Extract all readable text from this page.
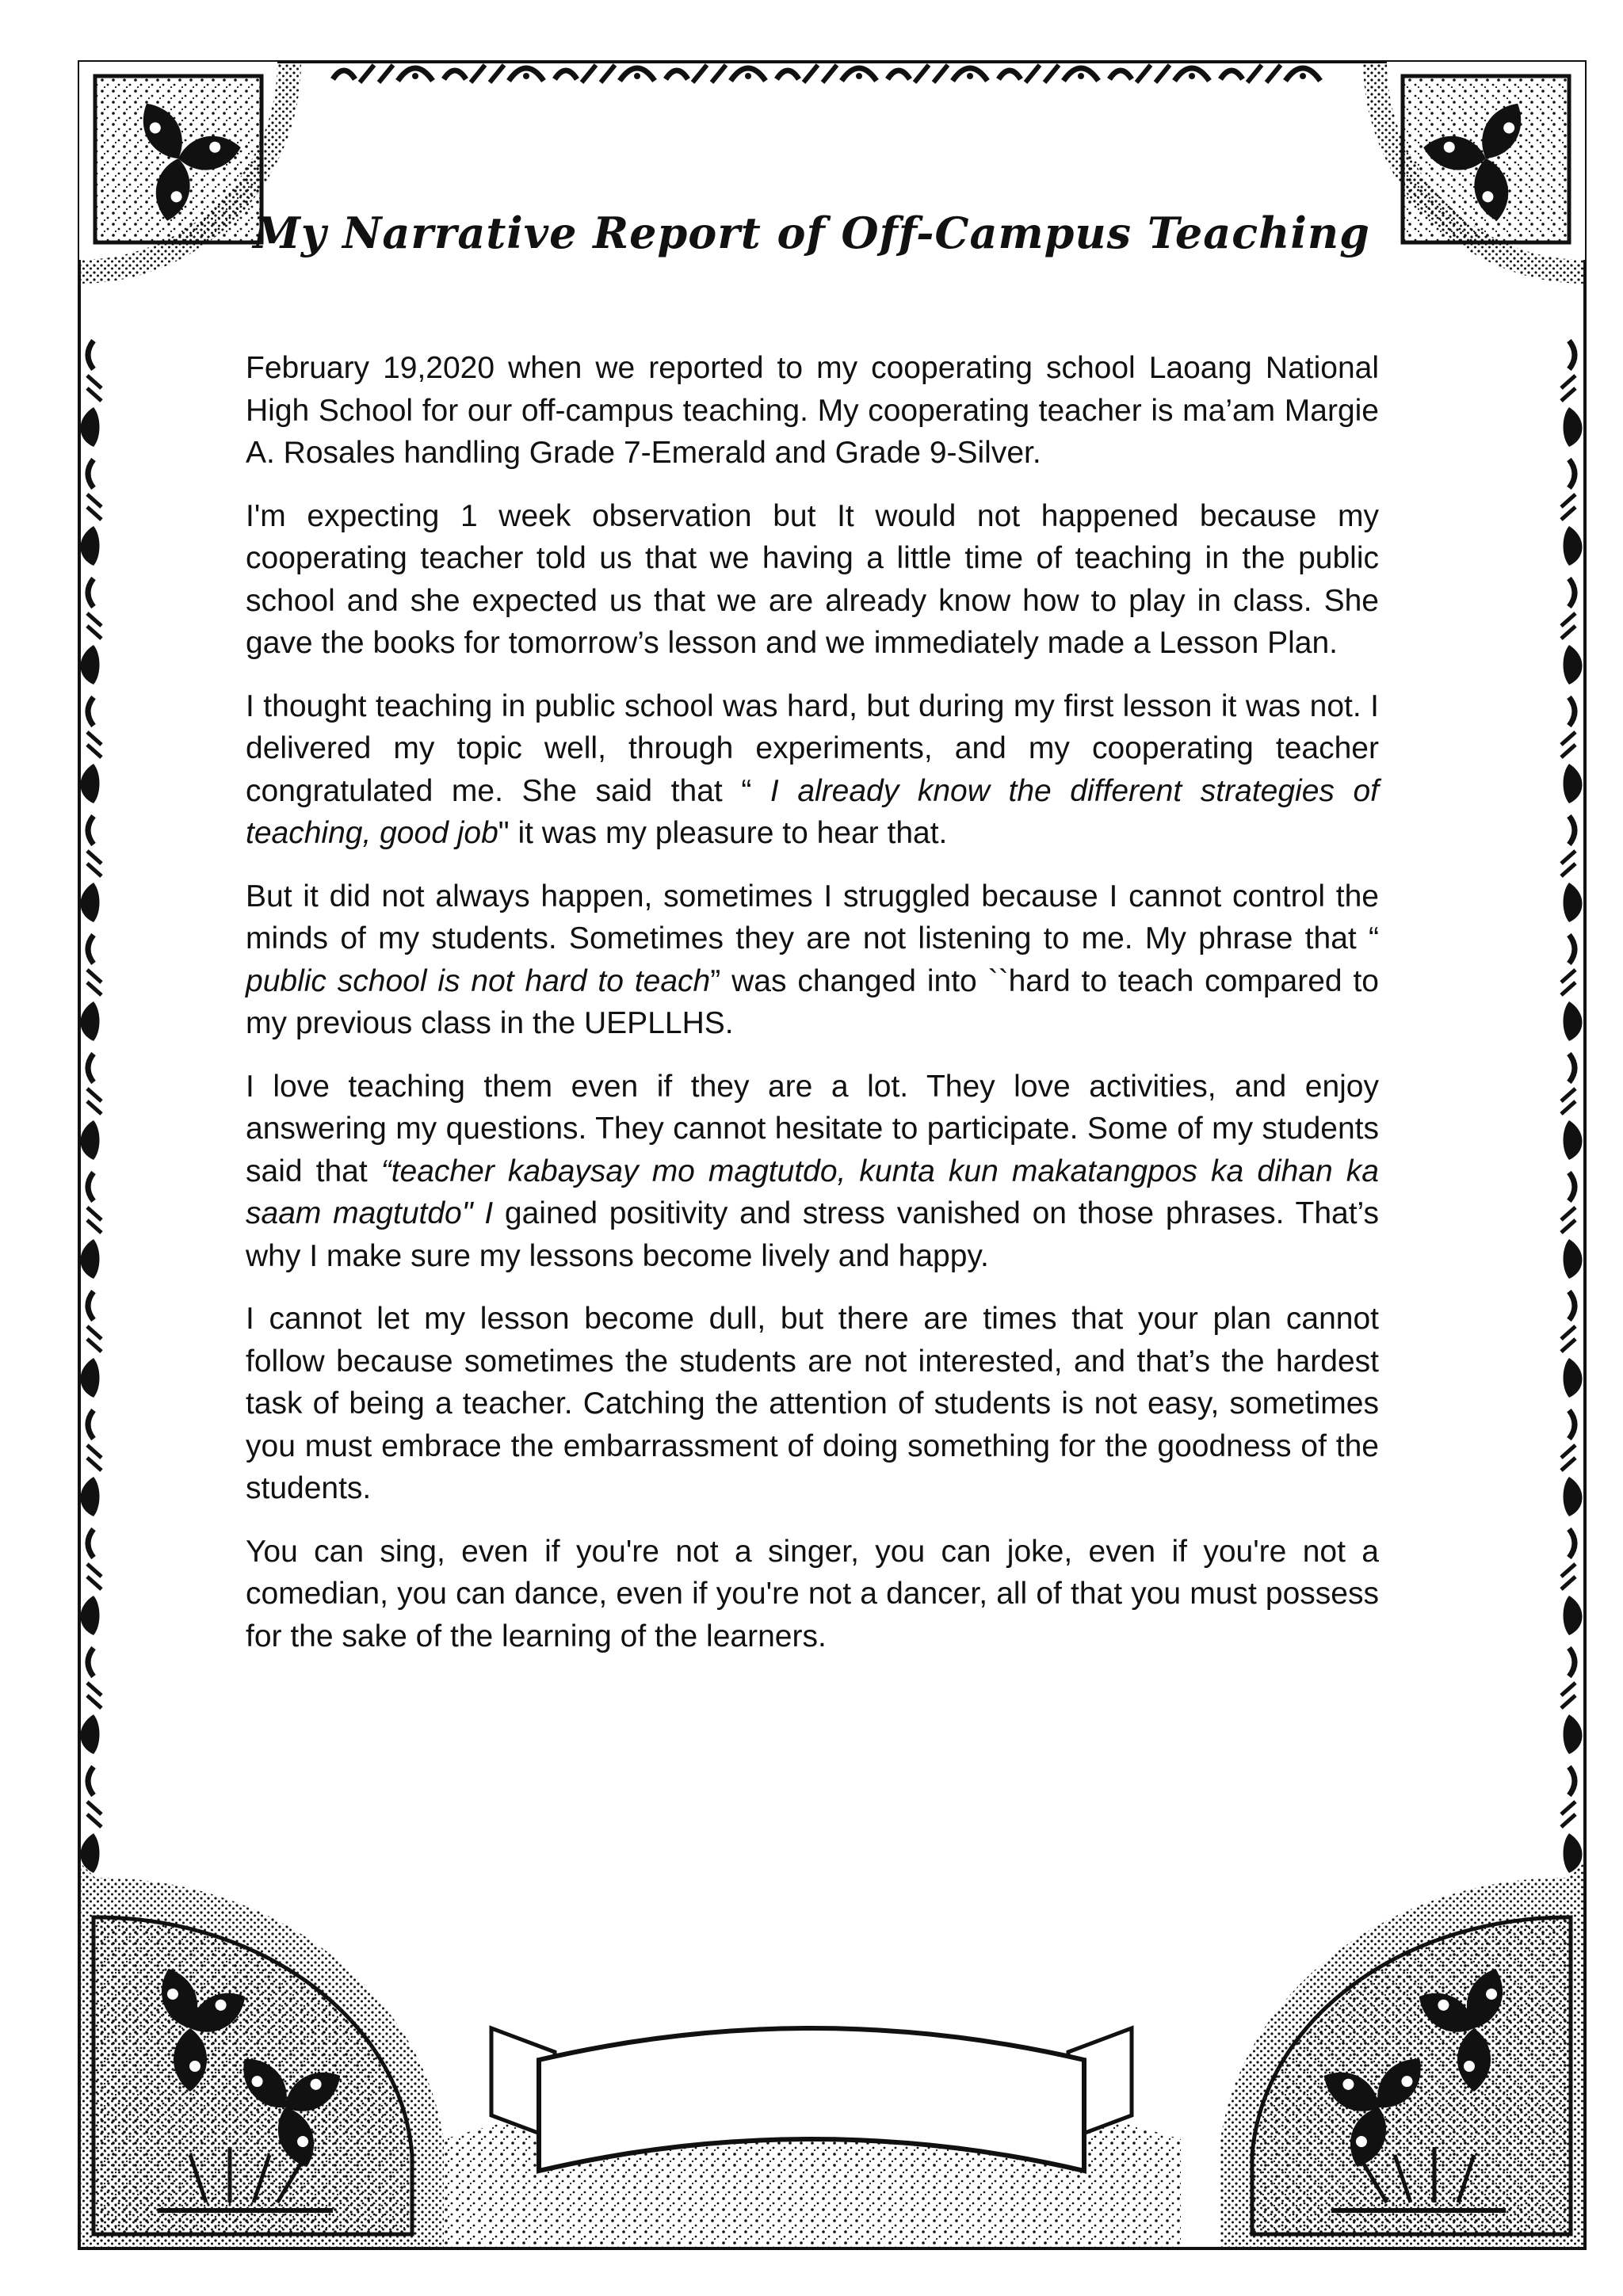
My Narrative Report of Off-Campus Teaching

February 19,2020 when we reported to my cooperating school Laoang National High School for our off-campus teaching. My cooperating teacher is ma’am Margie A. Rosales handling Grade 7-Emerald and Grade 9-Silver.

I'm expecting 1 week observation but It would not happened because my cooperating teacher told us that we having a little time of teaching in the public school and she expected us that we are already know how to play in class. She gave the books for tomorrow’s lesson and we immediately made a Lesson Plan.

I thought teaching in public school was hard, but during my first lesson it was not. I delivered my topic well, through experiments, and my cooperating teacher congratulated me. She said that “ I already know the different strategies of teaching, good job" it was my pleasure to hear that.

But it did not always happen, sometimes I struggled because I cannot control the minds of my students. Sometimes they are not listening to me. My phrase that “ public school is not hard to teach” was changed into ``hard to teach compared to my previous class in the UEPLLHS.

I love teaching them even if they are a lot. They love activities, and enjoy answering my questions. They cannot hesitate to participate. Some of my students said that “teacher kabaysay mo magtutdo, kunta kun makatangpos ka dihan ka saam magtutdo" I gained positivity and stress vanished on those phrases. That’s why I make sure my lessons become lively and happy.

I cannot let my lesson become dull, but there are times that your plan cannot follow because sometimes the students are not interested, and that’s the hardest task of being a teacher. Catching the attention of students is not easy, sometimes you must embrace the embarrassment of doing something for the goodness of the students.

You can sing, even if you're not a singer, you can joke, even if you're not a comedian, you can dance, even if you're not a dancer, all of that you must possess for the sake of the learning of the learners.
